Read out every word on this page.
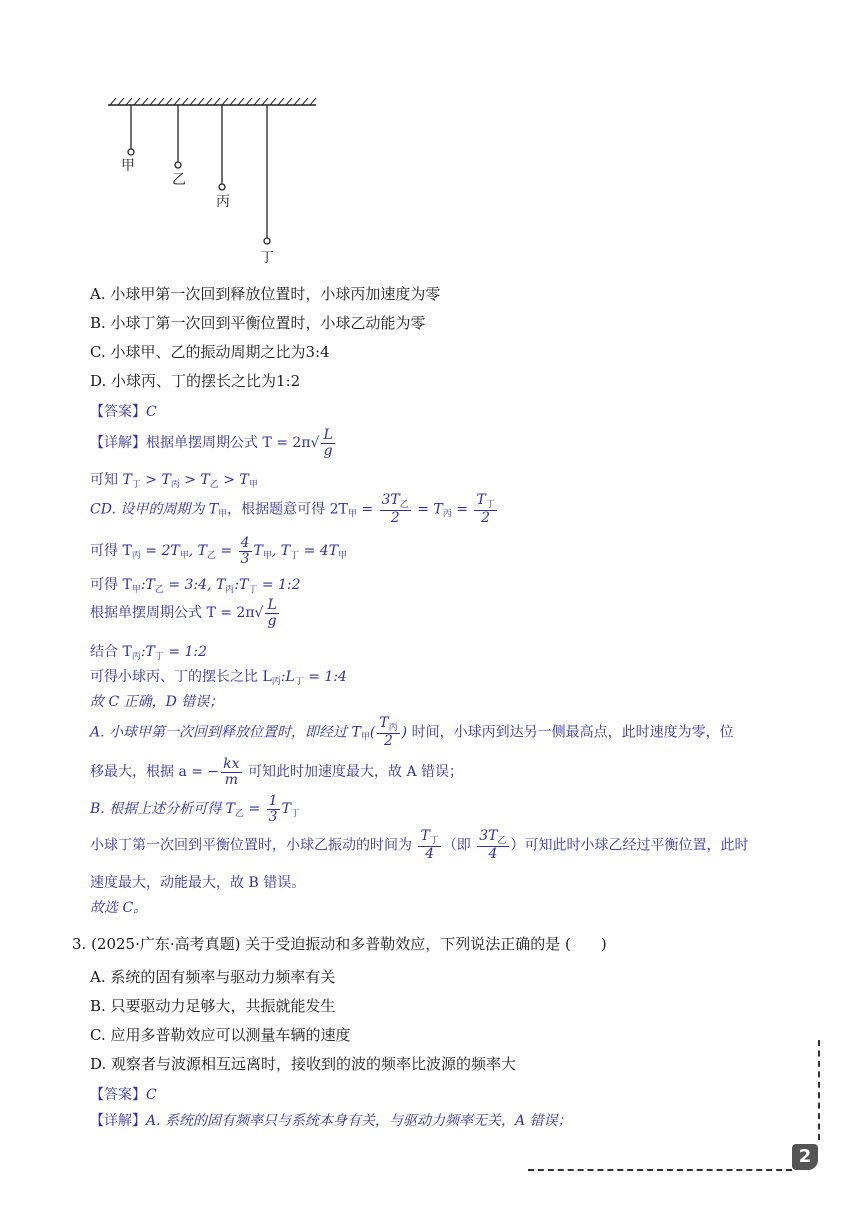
甲
乙
丙
丁
A. 小球甲第一次回到释放位置时，小球丙加速度为零
B. 小球丁第一次回到平衡位置时，小球乙动能为零
C. 小球甲、乙的振动周期之比为3:4
D. 小球丙、丁的摆长之比为1:2
【答案】C
【详解】根据单摆周期公式 $T = 2\pi√ \frac{L}{g}$
可知 $T_丁 > T_丙 > T_乙 > T_甲$
CD. 设甲的周期为 $T_甲$，根据题意可得 $2T_甲 = \frac{3T_乙}{2} = T_丙 = \frac{T_丁}{2}$
可得 $T_丙 = 2T_甲$, $T_乙 = \frac{4}{3} T_甲$, $T_丁 = 4T_甲$
可得 $T_甲:T_乙$ = 3:4, $T_丙:T_丁$ = 1:2
根据单摆周期公式 $T = 2\pi√ \frac{L}{g}$
结合 $T_丙:T_丁$ = 1:2
可得小球丙、丁的摆长之比 $L_丙:L_丁$ = 1:4
故 C 正确，D 错误；
A. 小球甲第一次回到释放位置时，即经过 $T_甲( \frac{T_丙}{2}$ ) 时间，小球丙到达另一侧最高点，此时速度为零，位
移最大，根据 a = − $\frac{kx}{m}$ 可知此时加速度最大，故 A 错误；
B. 根据上述分析可得 $T_乙 = \frac{1}{3} T_丁$
小球丁第一次回到平衡位置时，小球乙振动的时间为 $\frac{T_丁}{4}$ （即 $\frac{3T_乙}{4}$ ）可知此时小球乙经过平衡位置，此时
速度最大，动能最大，故 B 错误。
故选 C。
3. (2025·广东·高考真题) 关于受迫振动和多普勒效应，下列说法正确的是 (　　)
A. 系统的固有频率与驱动力频率有关
B. 只要驱动力足够大，共振就能发生
C. 应用多普勒效应可以测量车辆的速度
D. 观察者与波源相互远离时，接收到的波的频率比波源的频率大
【答案】C
【详解】A. 系统的固有频率只与系统本身有关，与驱动力频率无关，A 错误；
2
